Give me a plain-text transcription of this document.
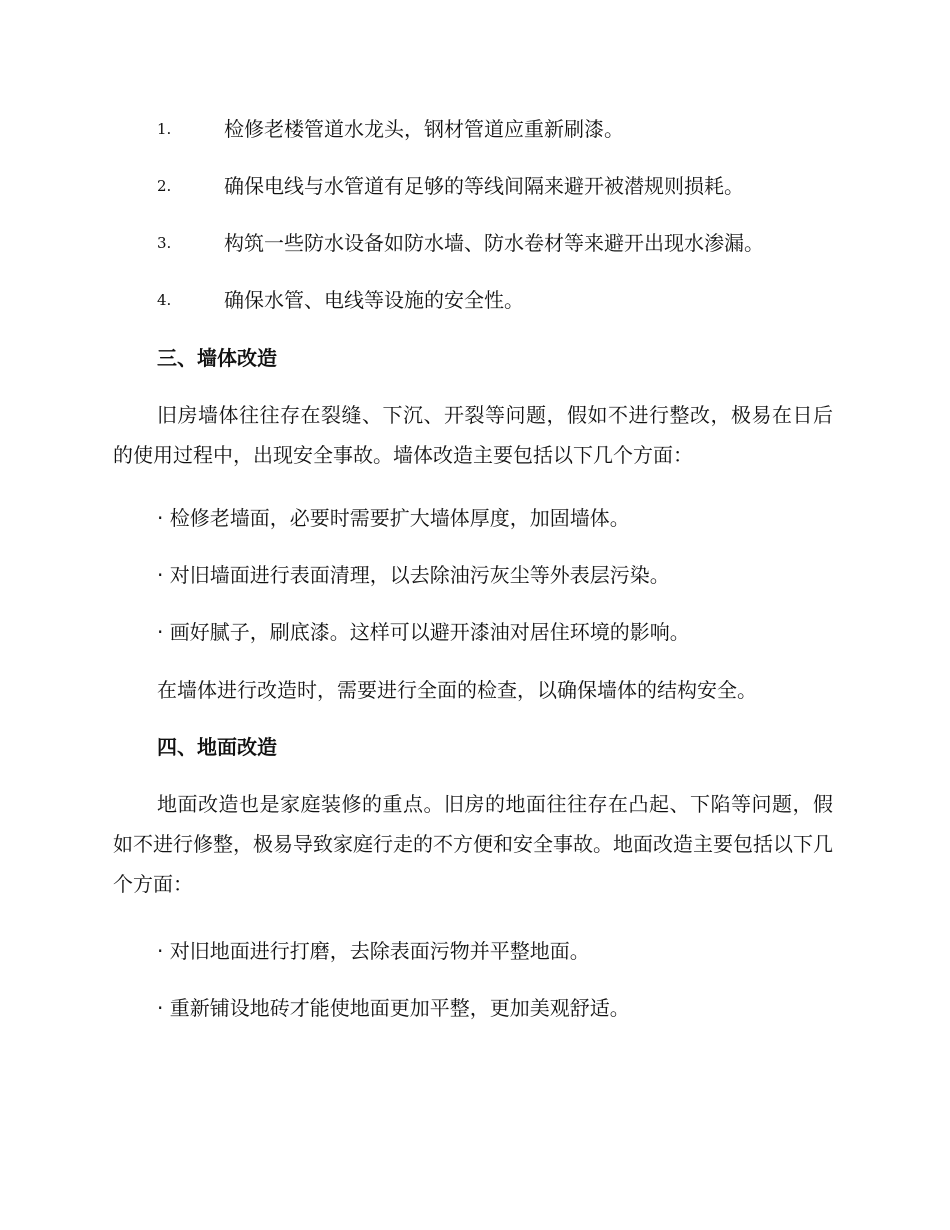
1.	检修老楼管道水龙头，钢材管道应重新刷漆。
2.	确保电线与水管道有足够的等线间隔来避开被潜规则损耗。
3.	构筑一些防水设备如防水墙、防水卷材等来避开出现水渗漏。
4.	确保水管、电线等设施的安全性。
三、墙体改造
旧房墙体往往存在裂缝、下沉、开裂等问题，假如不进行整改，极易在日后的使用过程中，出现安全事故。墙体改造主要包括以下几个方面：
· 检修老墙面，必要时需要扩大墙体厚度，加固墙体。
· 对旧墙面进行表面清理，以去除油污灰尘等外表层污染。
· 画好腻子，刷底漆。这样可以避开漆油对居住环境的影响。
在墙体进行改造时，需要进行全面的检查，以确保墙体的结构安全。
四、地面改造
地面改造也是家庭装修的重点。旧房的地面往往存在凸起、下陷等问题，假如不进行修整，极易导致家庭行走的不方便和安全事故。地面改造主要包括以下几个方面：
· 对旧地面进行打磨，去除表面污物并平整地面。
· 重新铺设地砖才能使地面更加平整，更加美观舒适。
